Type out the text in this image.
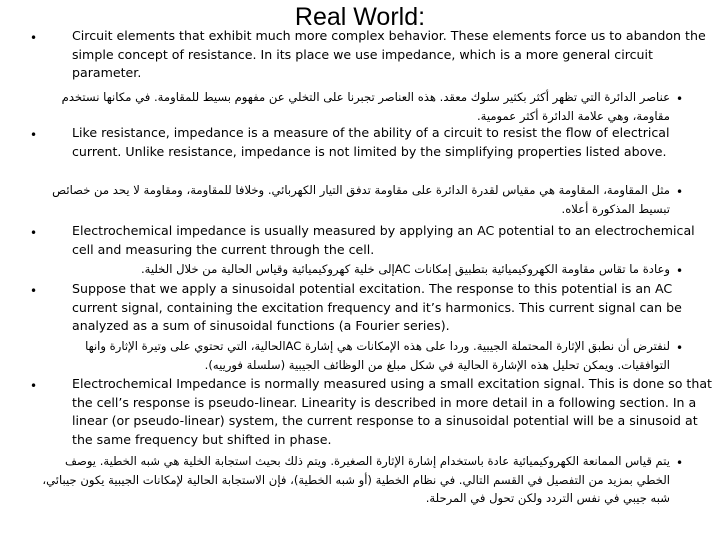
Real World:
•	Circuit elements that exhibit much more complex behavior. These elements force us to abandon the simple concept of resistance. In its place we use impedance, which is a more general circuit parameter.

•

عناصر الدائرة التي تظهر أكثر بكثير سلوك معقد. هذه العناصر تجبرنا على التخلي عن مفهوم بسيط للمقاومة. في مكانها نستخدم مقاومة، وهي علامة الدائرة أكثر عمومية.

•	Like resistance, impedance is a measure of the ability of a circuit to resist the flow of electrical current. Unlike resistance, impedance is not limited by the simplifying properties listed above.

•

مثل المقاومة، المقاومة هي مقياس لقدرة الدائرة على مقاومة تدفق التيار الكهربائي. وخلافا للمقاومة، ومقاومة لا يحد من خصائص تبسيط المذكورة أعلاه.

•	Electrochemical impedance is usually measured by applying an AC potential to an electrochemical cell and measuring the current through the cell.

•

وعادة ما تقاس مقاومة الكهروكيميائية بتطبيق إمكانات ACإلى خلية كهروكيميائية وقياس الحالية من خلال الخلية.

•	Suppose that we apply a sinusoidal potential excitation. The response to this potential is an AC current signal, containing the excitation frequency and it’s harmonics. This current signal can be analyzed as a sum of sinusoidal functions (a Fourier series).

•

لنفترض أن نطبق الإثارة المحتملة الجيبية. وردا على هذه الإمكانات هي إشارة ACالحالية، التي تحتوي على وتيرة الإثارة وانها التوافقيات. ويمكن تحليل هذه الإشارة الحالية في شكل مبلغ من الوظائف الجيبية (سلسلة فورييه).

•	Electrochemical Impedance is normally measured using a small excitation signal. This is done so that the cell’s response is pseudo-linear. Linearity is described in more detail in a following section. In a linear (or pseudo-linear) system, the current response to a sinusoidal potential will be a sinusoid at the same frequency but shifted in phase.

•

يتم قياس الممانعة الكهروكيميائية عادة باستخدام إشارة الإثارة الصغيرة. ويتم ذلك بحيث استجابة الخلية هي شبه الخطية. يوصف الخطي بمزيد من التفصيل في القسم التالي. في نظام الخطية (أو شبه الخطية)، فإن الاستجابة الحالية لإمكانات الجيبية يكون جيبائي، شبه جيبي في نفس التردد ولكن تحول في المرحلة.
